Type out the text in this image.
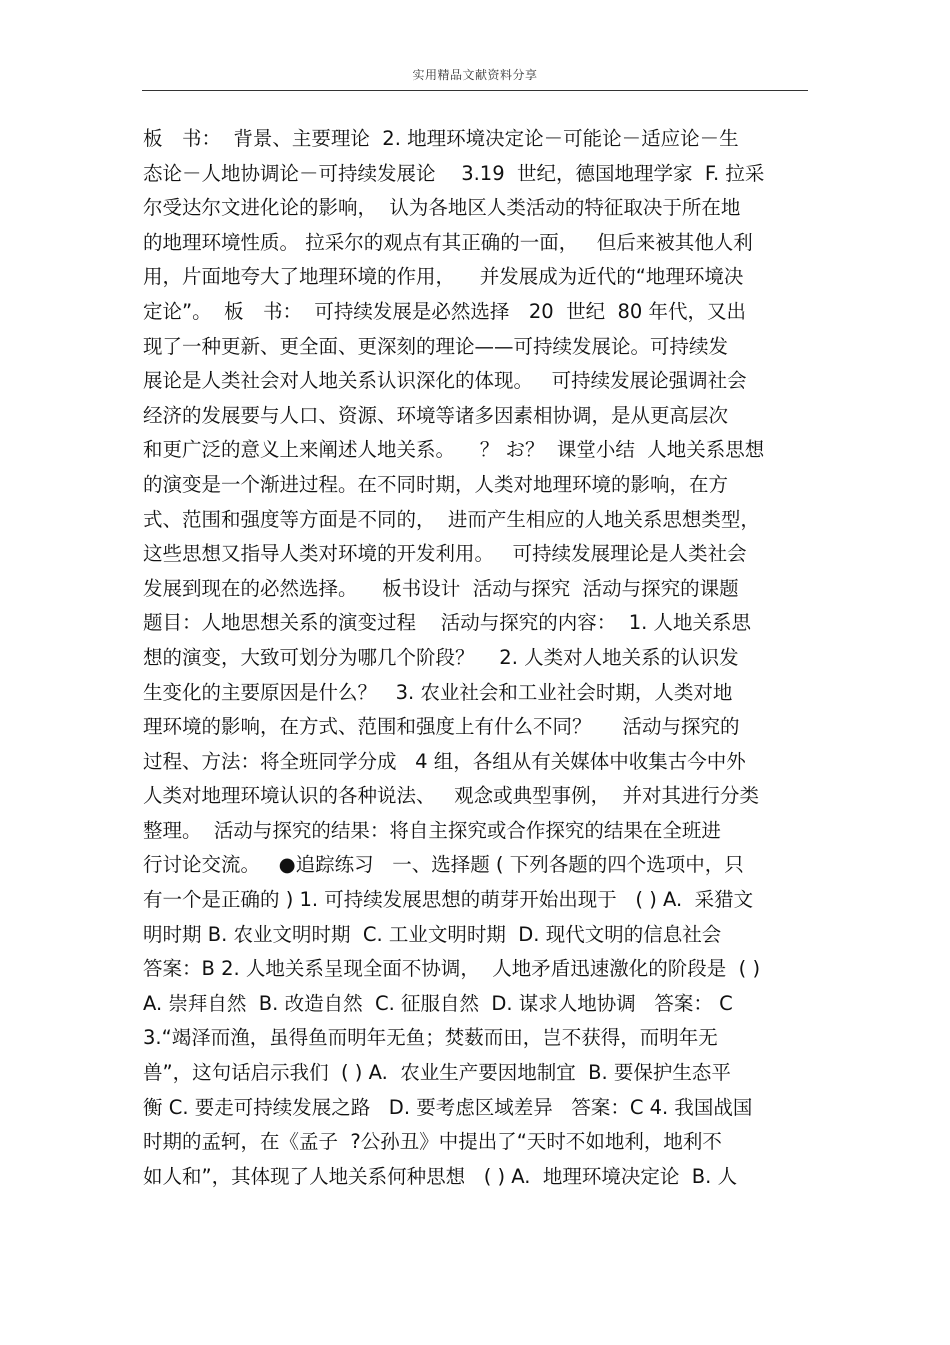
实用精品文献资料分享
板　书：  背景、主要理论  2. 地理环境决定论－可能论－适应论－生
态论－人地协调论－可持续发展论　 3.19  世纪，德国地理学家  F. 拉采
尔受达尔文进化论的影响，  认为各地区人类活动的特征取决于所在地
的地理环境性质。 拉采尔的观点有其正确的一面，   但后来被其他人利
用，片面地夸大了地理环境的作用，    并发展成为近代的“地理环境决
定论”。  板　书：  可持续发展是必然选择　20  世纪  80 年代，又出
现了一种更新、更全面、更深刻的理论——可持续发展论。可持续发
展论是人类社会对人地关系认识深化的体现。   可持续发展论强调社会
经济的发展要与人口、资源、环境等诸多因素相协调，是从更高层次
和更广泛的意义上来阐述人地关系。    ？ お？  课堂小结  人地关系思想
的演变是一个渐进过程。在不同时期，人类对地理环境的影响，在方
式、范围和强度等方面是不同的，  进而产生相应的人地关系思想类型，
这些思想又指导人类对环境的开发利用。   可持续发展理论是人类社会
发展到现在的必然选择。    板书设计  活动与探究  活动与探究的课题
题目：人地思想关系的演变过程    活动与探究的内容：  1. 人地关系思
想的演变，大致可划分为哪几个阶段？    2. 人类对人地关系的认识发
生变化的主要原因是什么？   3. 农业社会和工业社会时期，人类对地
理环境的影响，在方式、范围和强度上有什么不同？     活动与探究的
过程、方法：将全班同学分成   4 组，各组从有关媒体中收集古今中外
人类对地理环境认识的各种说法、   观念或典型事例，  并对其进行分类
整理。  活动与探究的结果：将自主探究或合作探究的结果在全班进
行讨论交流。   ●追踪练习   一、选择题 ( 下列各题的四个选项中，只
有一个是正确的 ) 1. 可持续发展思想的萌芽开始出现于   ( ) A.  采猎文
明时期 B. 农业文明时期  C. 工业文明时期  D. 现代文明的信息社会
答案：B 2. 人地关系呈现全面不协调，  人地矛盾迅速激化的阶段是  ( )
A. 崇拜自然  B. 改造自然  C. 征服自然  D. 谋求人地协调   答案： C
3.“竭泽而渔，虽得鱼而明年无鱼；焚薮而田，岂不获得，而明年无
兽”，这句话启示我们  ( ) A.  农业生产要因地制宜  B. 要保护生态平
衡 C. 要走可持续发展之路   D. 要考虑区域差异   答案：C 4. 我国战国
时期的孟轲，在《孟子  ?公孙丑》中提出了“天时不如地利，地利不
如人和”，其体现了人地关系何种思想   ( ) A.  地理环境决定论  B. 人
